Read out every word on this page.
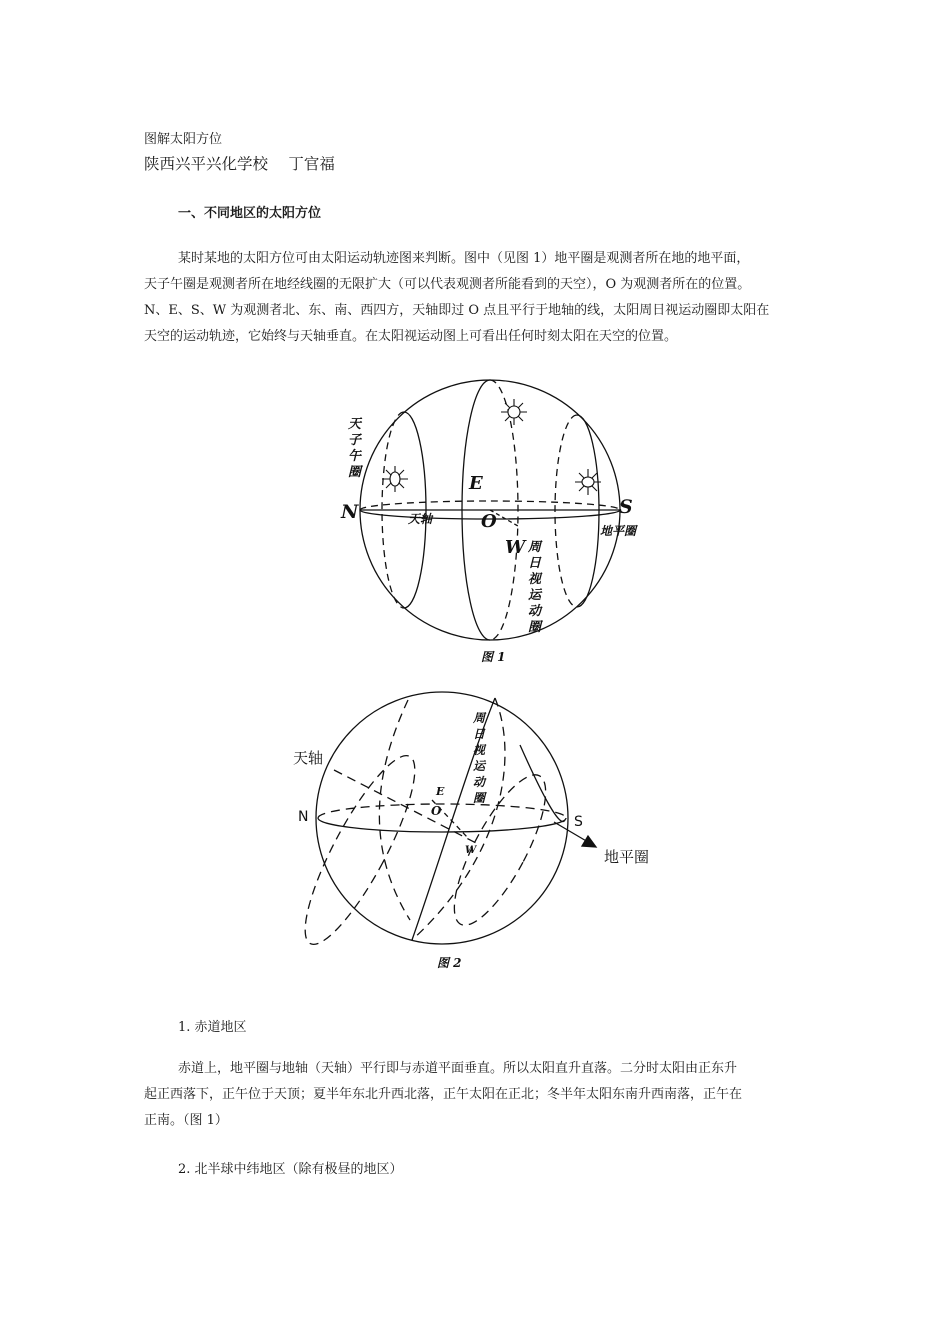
图解太阳方位
陕西兴平兴化学校　 丁官福
一、不同地区的太阳方位
某时某地的太阳方位可由太阳运动轨迹图来判断。图中（见图 1）地平圈是观测者所在地的地平面，
天子午圈是观测者所在地经线圈的无限扩大（可以代表观测者所能看到的天空），O 为观测者所在的位置。
N、E、S、W 为观测者北、东、南、西四方，天轴即过 O 点且平行于地轴的线，太阳周日视运动圈即太阳在
天空的运动轨迹，它始终与天轴垂直。在太阳视运动图上可看出任何时刻太阳在天空的位置。
天
子
午
圈
N	S
E
O
W
天轴
地平圈
周
日
视
运
动
圈
图 1
天轴
N	S
地平圈
E
O
W
周
日
视
运
动
圈
图 2
1. 赤道地区
赤道上，地平圈与地轴（天轴）平行即与赤道平面垂直。所以太阳直升直落。二分时太阳由正东升
起正西落下，正午位于天顶；夏半年东北升西北落，正午太阳在正北；冬半年太阳东南升西南落，正午在
正南。（图 1）
2. 北半球中纬地区（除有极昼的地区）
